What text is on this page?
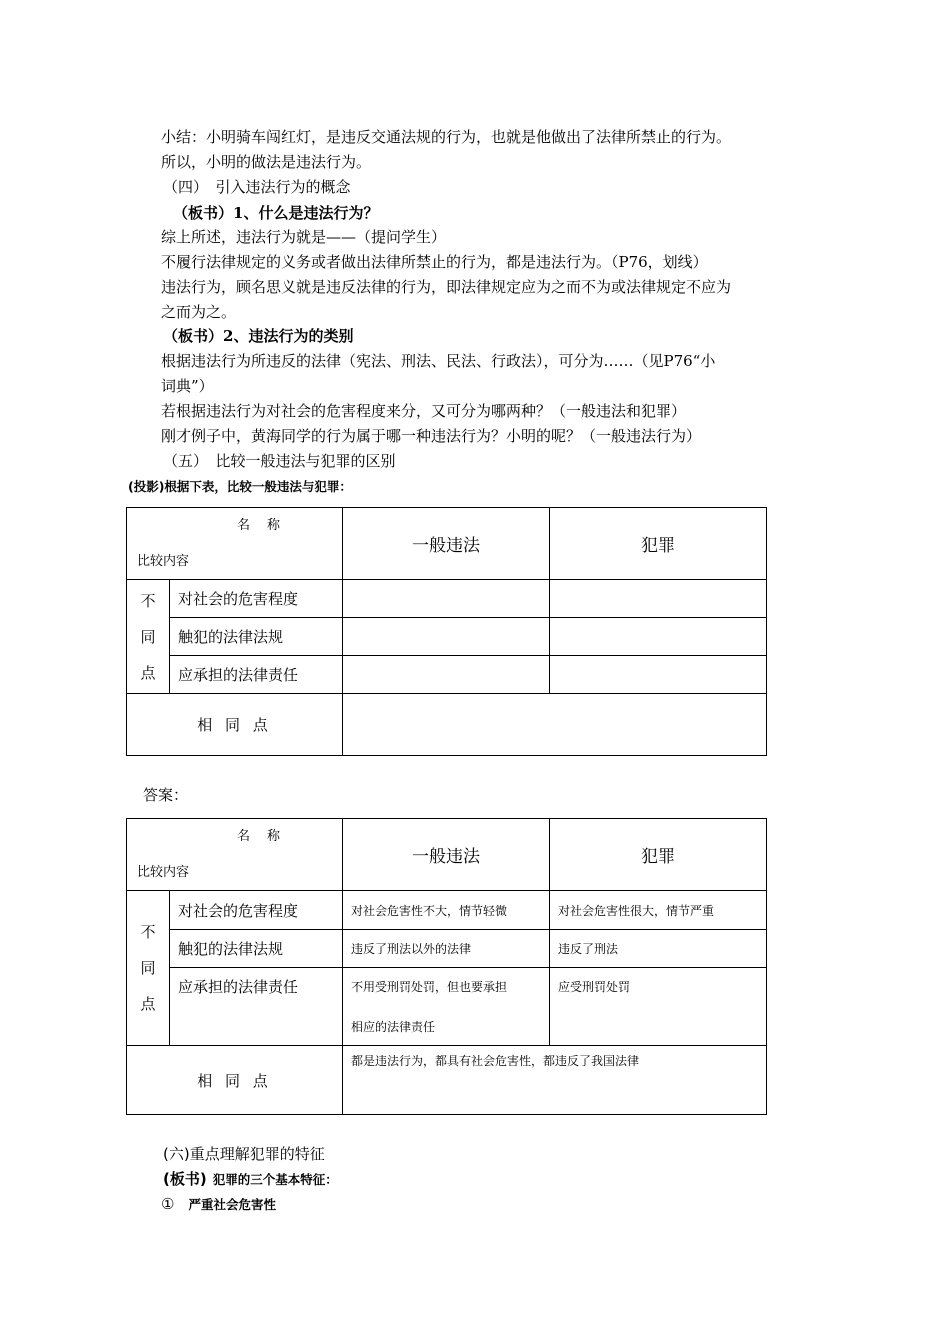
小结：小明骑车闯红灯，是违反交通法规的行为，也就是他做出了法律所禁止的行为。
所以，小明的做法是违法行为。
（四）　引入违法行为的概念
（板书）1、什么是违法行为？
综上所述，违法行为就是——（提问学生）
不履行法律规定的义务或者做出法律所禁止的行为，都是违法行为。（P76，划线）
违法行为，顾名思义就是违反法律的行为，即法律规定应为之而不为或法律规定不应为
之而为之。
（板书）2、违法行为的类别
根据违法行为所违反的法律（宪法、刑法、民法、行政法），可分为……（见P76“小
词典”）
若根据违法行为对社会的危害程度来分，又可分为哪两种？（一般违法和犯罪）
刚才例子中，黄海同学的行为属于哪一种违法行为？小明的呢？（一般违法行为）
（五）　比较一般违法与犯罪的区别
(投影)根据下表，比较一般违法与犯罪：
名　称
比较内容		一般违法	犯罪
不
同
点	对社会的危害程度		
	触犯的法律法规		
	应承担的法律责任		
相 同 点			
答案：
名　称
比较内容		一般违法	犯罪
不
同
点	对社会的危害程度	对社会危害性不大，情节轻微	对社会危害性很大，情节严重
	触犯的法律法规	违反了刑法以外的法律	违反了刑法
	应承担的法律责任	不用受刑罚处罚，但也要承担
相应的法律责任	应受刑罚处罚
相 同 点		都是违法行为，都具有社会危害性，都违反了我国法律	
(六)重点理解犯罪的特征
(板书) 犯罪的三个基本特征：
① 严重社会危害性
